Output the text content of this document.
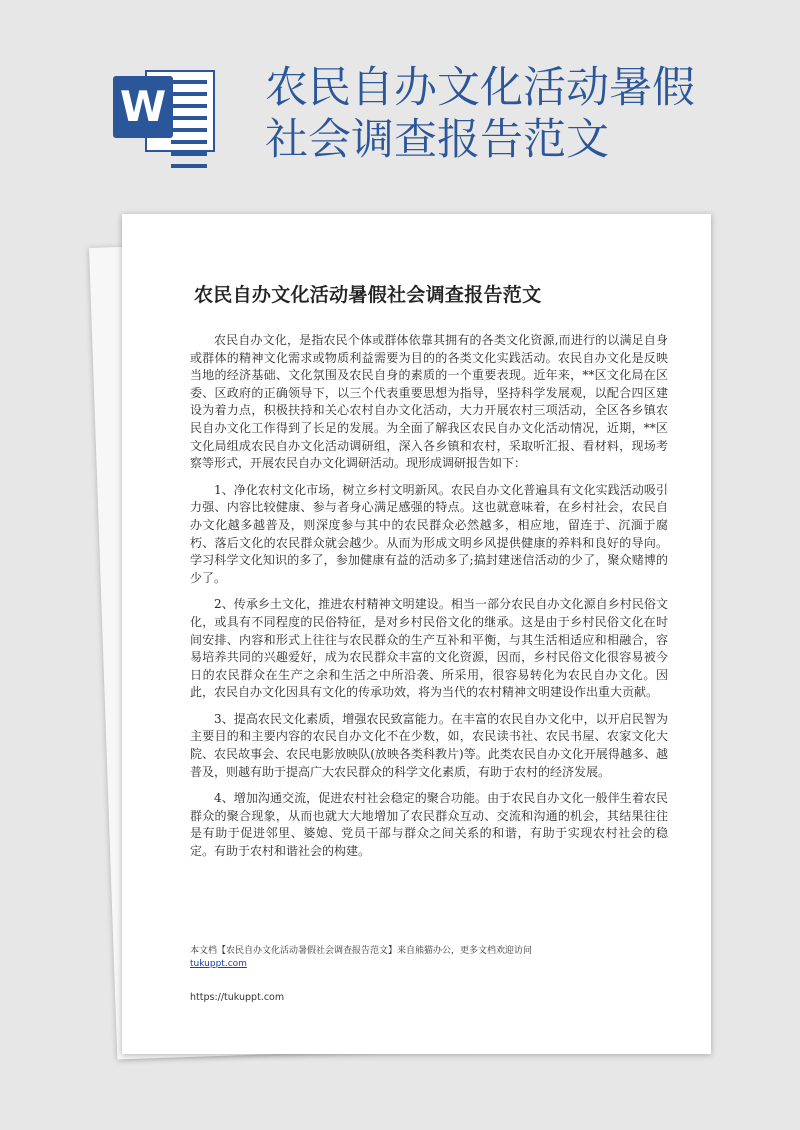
W 农民自办文化活动暑假社会调查报告范文
农民自办文化活动暑假社会调查报告范文

农民自办文化，是指农民个体或群体依靠其拥有的各类文化资源,而进行的以满足自身或群体的精神文化需求或物质利益需要为目的的各类文化实践活动。农民自办文化是反映当地的经济基础、文化氛围及农民自身的素质的一个重要表现。近年来，**区文化局在区委、区政府的正确领导下，以三个代表重要思想为指导，坚持科学发展观，以配合四区建设为着力点，积极扶持和关心农村自办文化活动，大力开展农村三项活动，全区各乡镇农民自办文化工作得到了长足的发展。为全面了解我区农民自办文化活动情况，近期，**区文化局组成农民自办文化活动调研组，深入各乡镇和农村，采取听汇报、看材料，现场考察等形式，开展农民自办文化调研活动。现形成调研报告如下：

1、净化农村文化市场，树立乡村文明新风。农民自办文化普遍具有文化实践活动吸引力强、内容比较健康、参与者身心满足感强的特点。这也就意味着，在乡村社会，农民自办文化越多越普及，则深度参与其中的农民群众必然越多，相应地，留连于、沉湎于腐朽、落后文化的农民群众就会越少。从而为形成文明乡风提供健康的养料和良好的导向。学习科学文化知识的多了，参加健康有益的活动多了;搞封建迷信活动的少了，聚众赌博的少了。

2、传承乡土文化，推进农村精神文明建设。相当一部分农民自办文化源自乡村民俗文化，或具有不同程度的民俗特征，是对乡村民俗文化的继承。这是由于乡村民俗文化在时间安排、内容和形式上往往与农民群众的生产互补和平衡，与其生活相适应和相融合，容易培养共同的兴趣爱好，成为农民群众丰富的文化资源，因而，乡村民俗文化很容易被今日的农民群众在生产之余和生活之中所沿袭、所采用，很容易转化为农民自办文化。因此，农民自办文化因具有文化的传承功效，将为当代的农村精神文明建设作出重大贡献。

3、提高农民文化素质，增强农民致富能力。在丰富的农民自办文化中，以开启民智为主要目的和主要内容的农民自办文化不在少数，如，农民读书社、农民书屋、农家文化大院、农民故事会、农民电影放映队(放映各类科教片)等。此类农民自办文化开展得越多、越普及，则越有助于提高广大农民群众的科学文化素质，有助于农村的经济发展。

4、增加沟通交流，促进农村社会稳定的聚合功能。由于农民自办文化一般伴生着农民群众的聚合现象，从而也就大大地增加了农民群众互动、交流和沟通的机会，其结果往往是有助于促进邻里、婆媳、党员干部与群众之间关系的和谐，有助于实现农村社会的稳定。有助于农村和谐社会的构建。

本文档【农民自办文化活动暑假社会调查报告范文】来自熊猫办公，更多文档欢迎访问
tukuppt.com
https://tukuppt.com
